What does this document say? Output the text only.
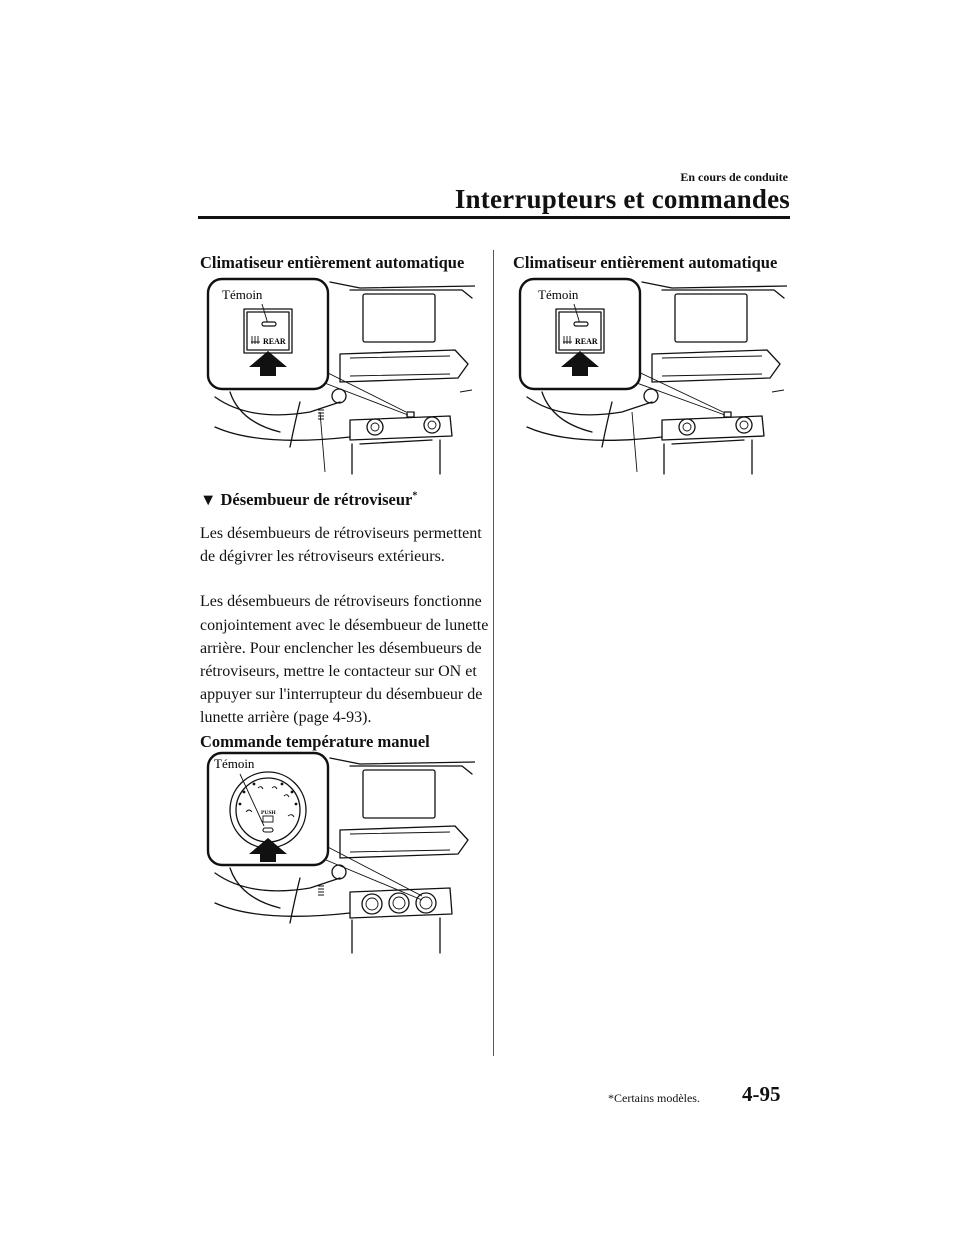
En cours de conduite
Interrupteurs et commandes
Climatiseur entièrement automatique
Témoin
REAR
▼ Désembueur de rétroviseur*

Les désembueurs de rétroviseurs permettent de dégivrer les rétroviseurs extérieurs.

Les désembueurs de rétroviseurs fonctionne conjointement avec le désembueur de lunette arrière. Pour enclencher les désembueurs de rétroviseurs, mettre le contacteur sur ON et appuyer sur l'interrupteur du désembueur de lunette arrière (page 4-93).

Commande température manuel
Témoin
PUSH
Climatiseur entièrement automatique
Témoin
REAR
*Certains modèles. 4-95
